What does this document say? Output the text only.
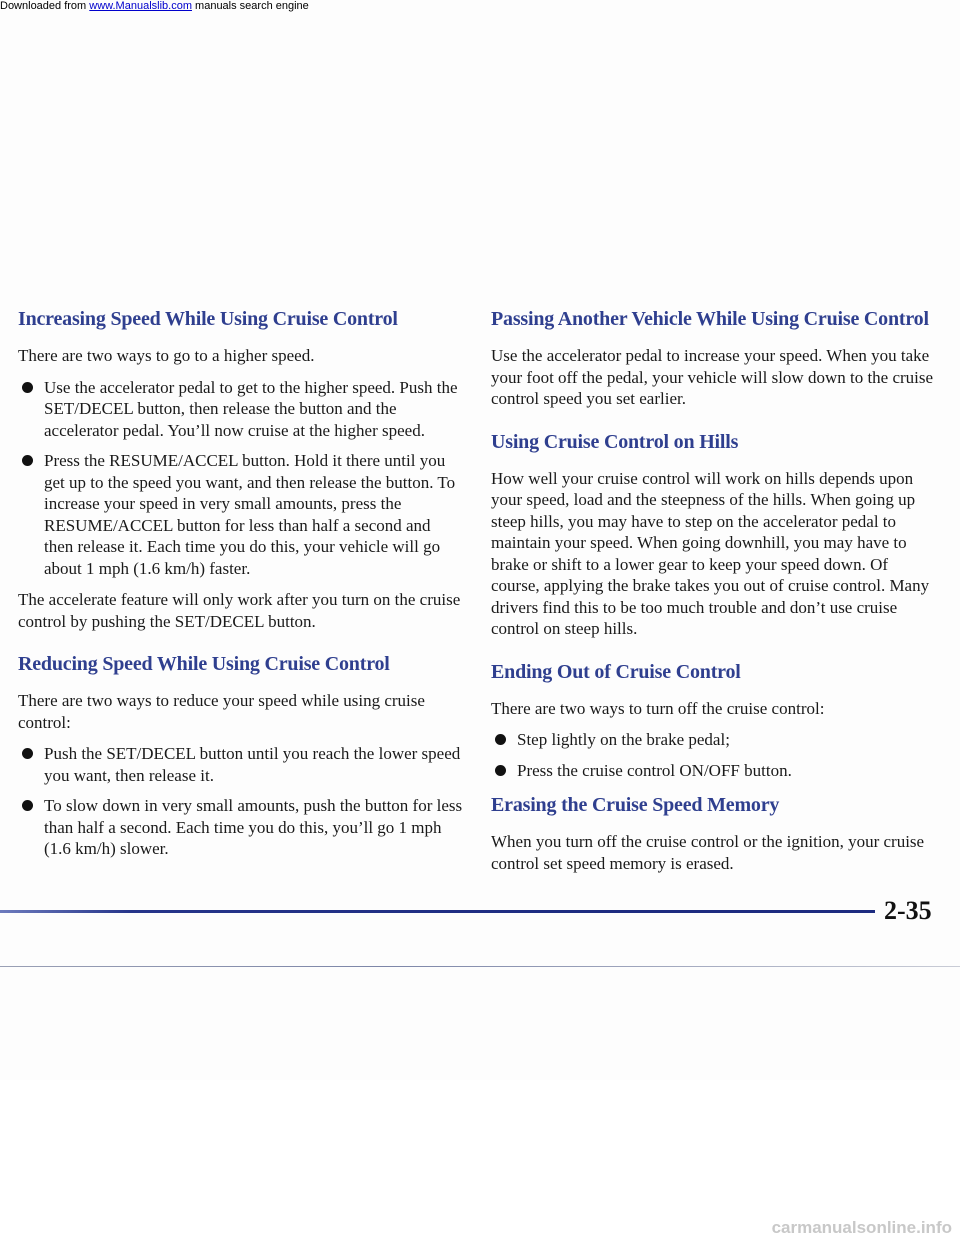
Increasing Speed While Using Cruise Control

There are two ways to go to a higher speed.

Use the accelerator pedal to get to the higher speed. Push the SET/DECEL button, then release the button and the accelerator pedal. You’ll now cruise at the higher speed.
Press the RESUME/ACCEL button. Hold it there until you get up to the speed you want, and then release the button. To increase your speed in very small amounts, press the RESUME/ACCEL button for less than half a second and then release it. Each time you do this, your vehicle will go about 1 mph (1.6 km/h) faster.

The accelerate feature will only work after you turn on the cruise control by pushing the SET/DECEL button.

Reducing Speed While Using Cruise Control

There are two ways to reduce your speed while using cruise control:

Push the SET/DECEL button until you reach the lower speed you want, then release it.
To slow down in very small amounts, push the button for less than half a second. Each time you do this, you’ll go 1 mph (1.6 km/h) slower.
Passing Another Vehicle While Using Cruise Control

Use the accelerator pedal to increase your speed. When you take your foot off the pedal, your vehicle will slow down to the cruise control speed you set earlier.

Using Cruise Control on Hills

How well your cruise control will work on hills depends upon your speed, load and the steepness of the hills. When going up steep hills, you may have to step on the accelerator pedal to maintain your speed. When going downhill, you may have to brake or shift to a lower gear to keep your speed down. Of course, applying the brake takes you out of cruise control. Many drivers find this to be too much trouble and don’t use cruise control on steep hills.

Ending Out of Cruise Control

There are two ways to turn off the cruise control:

Step lightly on the brake pedal;
Press the cruise control ON/OFF button.
Erasing the Cruise Speed Memory

When you turn off the cruise control or the ignition, your cruise control set speed memory is erased.

2-35
Downloaded from www.Manualslib.com manuals search engine
carmanualsonline.info
